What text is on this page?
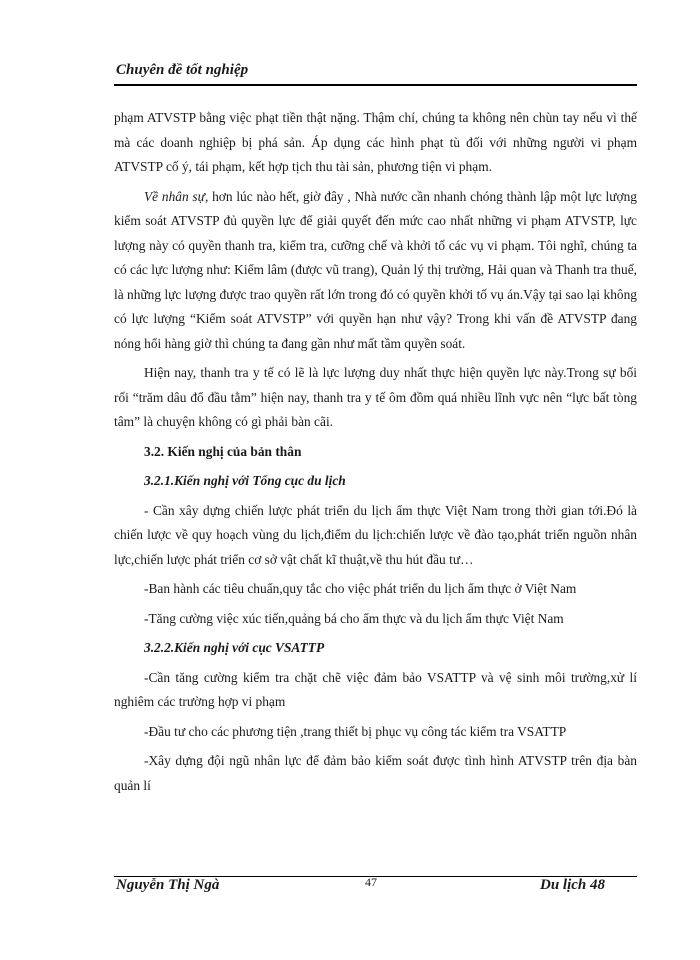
Chuyên đề tốt nghiệp

phạm ATVSTP bằng việc phạt tiền thật nặng. Thậm chí, chúng ta không nên chùn tay nếu vì thế mà các doanh nghiệp bị phá sản. Áp dụng các hình phạt tù đối với những người vi phạm ATVSTP cố ý, tái phạm, kết hợp tịch thu tài sản, phương tiện vi phạm.

Về nhân sự, hơn lúc nào hết, giờ đây , Nhà nước cần nhanh chóng thành lập một lực lượng kiểm soát ATVSTP đủ quyền lực để giải quyết đến mức cao nhất những vi phạm ATVSTP, lực lượng này có quyền thanh tra, kiểm tra, cưỡng chế và khởi tố các vụ vi phạm. Tôi nghĩ, chúng ta có các lực lượng như: Kiểm lâm (được vũ trang), Quản lý thị trường, Hải quan và Thanh tra thuế, là những lực lượng được trao quyền rất lớn trong đó có quyền khởi tố vụ án.Vậy tại sao lại không có lực lượng “Kiểm soát ATVSTP” với quyền hạn như vậy? Trong khi vấn đề ATVSTP đang nóng hổi hàng giờ thì chúng ta đang gần như mất tầm quyền soát.

Hiện nay, thanh tra y tế có lẽ là lực lượng duy nhất thực hiện quyền lực này.Trong sự bối rối “trăm dâu đổ đầu tằm” hiện nay, thanh tra y tế ôm đồm quá nhiều lĩnh vực nên “lực bất tòng tâm” là chuyện không có gì phải bàn cãi.

3.2. Kiến nghị của bản thân

3.2.1.Kiến nghị với Tổng cục du lịch

- Cần xây dựng chiến lược phát triển du lịch ẩm thực Việt Nam trong thời gian tới.Đó là chiến lược về quy hoạch vùng du lịch,điểm du lịch:chiến lược về đào tạo,phát triển nguồn nhân lực,chiến lược phát triển cơ sở vật chất kĩ thuật,về thu hút đầu tư…

-Ban hành các tiêu chuẩn,quy tắc cho việc phát triển du lịch ẩm thực ở Việt Nam

-Tăng cường việc xúc tiến,quảng bá cho ẩm thực và du lịch ẩm thực Việt Nam

3.2.2.Kiến nghị với cục VSATTP

-Cần tăng cường kiểm tra chặt chẽ việc đảm bảo VSATTP và vệ sinh môi trường,xử lí nghiêm các trường hợp vi phạm

-Đầu tư cho các phương tiện ,trang thiết bị phục vụ công tác kiểm tra VSATTP

-Xây dựng đội ngũ nhân lực để đảm bảo kiểm soát được tình hình ATVSTP trên địa bàn quản lí

Nguyễn Thị Ngà	47	Du lịch 48
